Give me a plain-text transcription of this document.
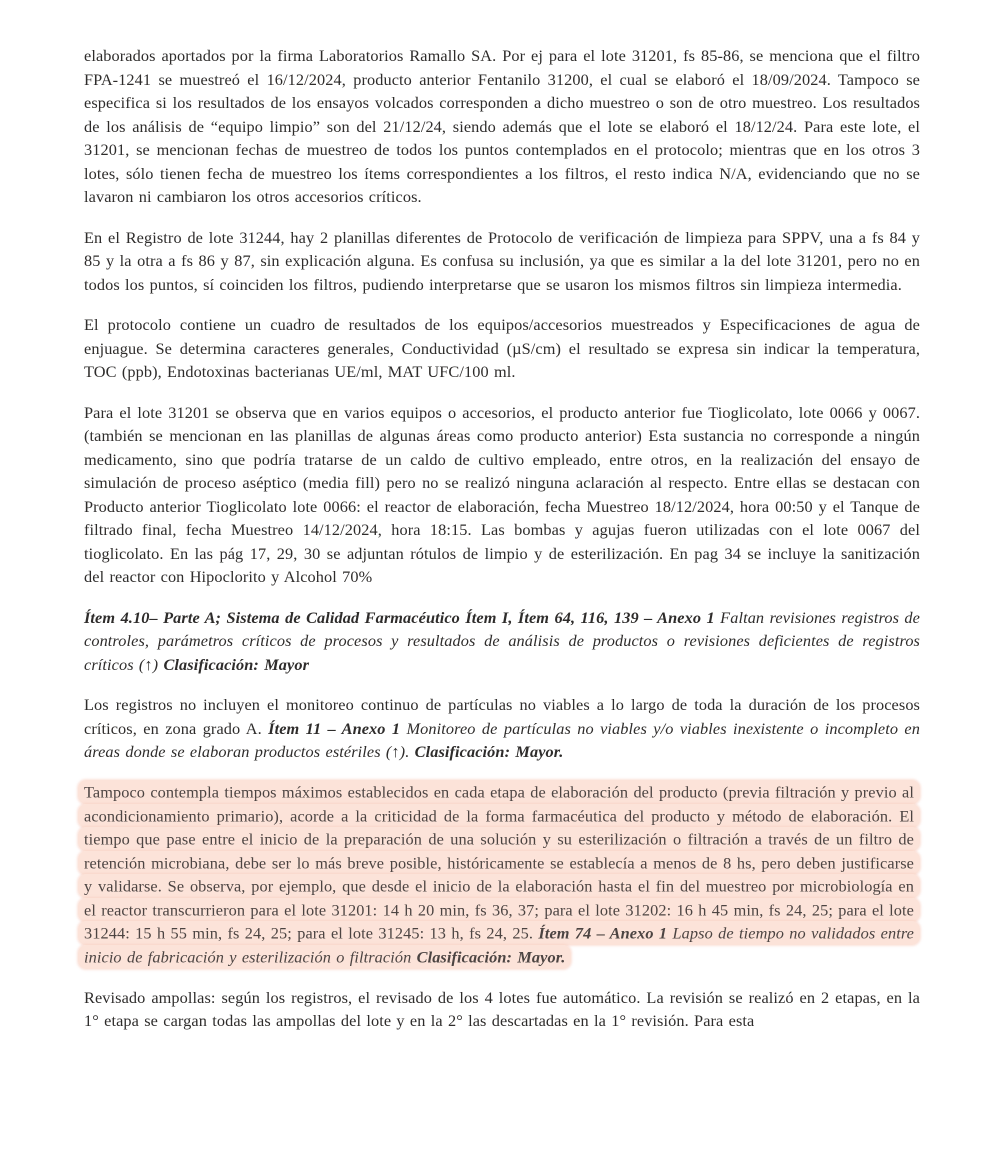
elaborados aportados por la firma Laboratorios Ramallo SA. Por ej para el lote 31201, fs 85-86, se menciona que el filtro FPA-1241 se muestreó el 16/12/2024, producto anterior Fentanilo 31200, el cual se elaboró el 18/09/2024. Tampoco se especifica si los resultados de los ensayos volcados corresponden a dicho muestreo o son de otro muestreo. Los resultados de los análisis de “equipo limpio” son del 21/12/24, siendo además que el lote se elaboró el 18/12/24. Para este lote, el 31201, se mencionan fechas de muestreo de todos los puntos contemplados en el protocolo; mientras que en los otros 3 lotes, sólo tienen fecha de muestreo los ítems correspondientes a los filtros, el resto indica N/A, evidenciando que no se lavaron ni cambiaron los otros accesorios críticos.

En el Registro de lote 31244, hay 2 planillas diferentes de Protocolo de verificación de limpieza para SPPV, una a fs 84 y 85 y la otra a fs 86 y 87, sin explicación alguna. Es confusa su inclusión, ya que es similar a la del lote 31201, pero no en todos los puntos, sí coinciden los filtros, pudiendo interpretarse que se usaron los mismos filtros sin limpieza intermedia.

El protocolo contiene un cuadro de resultados de los equipos/accesorios muestreados y Especificaciones de agua de enjuague. Se determina caracteres generales, Conductividad (µS/cm) el resultado se expresa sin indicar la temperatura, TOC (ppb), Endotoxinas bacterianas UE/ml, MAT UFC/100 ml.

Para el lote 31201 se observa que en varios equipos o accesorios, el producto anterior fue Tioglicolato, lote 0066 y 0067. (también se mencionan en las planillas de algunas áreas como producto anterior) Esta sustancia no corresponde a ningún medicamento, sino que podría tratarse de un caldo de cultivo empleado, entre otros, en la realización del ensayo de simulación de proceso aséptico (media fill) pero no se realizó ninguna aclaración al respecto. Entre ellas se destacan con Producto anterior Tioglicolato lote 0066: el reactor de elaboración, fecha Muestreo 18/12/2024, hora 00:50 y el Tanque de filtrado final, fecha Muestreo 14/12/2024, hora 18:15. Las bombas y agujas fueron utilizadas con el lote 0067 del tioglicolato. En las pág 17, 29, 30 se adjuntan rótulos de limpio y de esterilización. En pag 34 se incluye la sanitización del reactor con Hipoclorito y Alcohol 70%

Ítem 4.10– Parte A; Sistema de Calidad Farmacéutico Ítem I, Ítem 64, 116, 139 – Anexo 1 Faltan revisiones registros de controles, parámetros críticos de procesos y resultados de análisis de productos o revisiones deficientes de registros críticos (↑) Clasificación: Mayor

Los registros no incluyen el monitoreo continuo de partículas no viables a lo largo de toda la duración de los procesos críticos, en zona grado A. Ítem 11 – Anexo 1 Monitoreo de partículas no viables y/o viables inexistente o incompleto en áreas donde se elaboran productos estériles (↑). Clasificación: Mayor.

Tampoco contempla tiempos máximos establecidos en cada etapa de elaboración del producto (previa filtración y previo al acondicionamiento primario), acorde a la criticidad de la forma farmacéutica del producto y método de elaboración. El tiempo que pase entre el inicio de la preparación de una solución y su esterilización o filtración a través de un filtro de retención microbiana, debe ser lo más breve posible, históricamente se establecía a menos de 8 hs, pero deben justificarse y validarse. Se observa, por ejemplo, que desde el inicio de la elaboración hasta el fin del muestreo por microbiología en el reactor transcurrieron para el lote 31201: 14 h 20 min, fs 36, 37; para el lote 31202: 16 h 45 min, fs 24, 25; para el lote 31244: 15 h 55 min, fs 24, 25; para el lote 31245: 13 h, fs 24, 25. Ítem 74 – Anexo 1 Lapso de tiempo no validados entre inicio de fabricación y esterilización o filtración Clasificación: Mayor.

Revisado ampollas: según los registros, el revisado de los 4 lotes fue automático. La revisión se realizó en 2 etapas, en la 1° etapa se cargan todas las ampollas del lote y en la 2° las descartadas en la 1° revisión. Para esta
